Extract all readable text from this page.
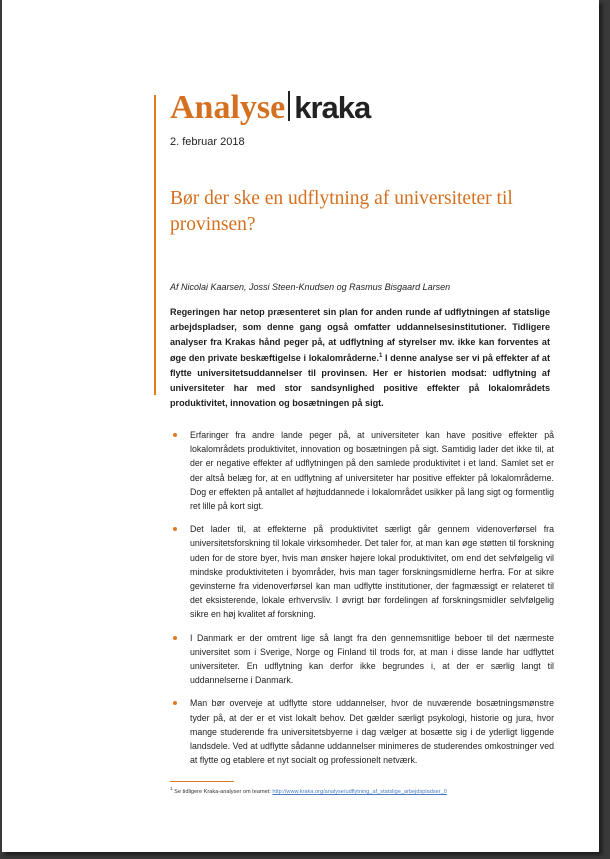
Analyse kraka
2. februar 2018
Bør der ske en udflytning af universiteter til provinsen?
Af Nicolai Kaarsen, Jossi Steen-Knudsen og Rasmus Bisgaard Larsen

Regeringen har netop præsenteret sin plan for anden runde af udflytningen af statslige arbejdspladser, som denne gang også omfatter uddannelsesinstitutioner. Tidligere analyser fra Krakas hånd peger på, at udflytning af styrelser mv. ikke kan forventes at øge den private beskæftigelse i lokalområderne.$^1$ I denne analyse ser vi på effekter af at flytte universitetsuddannelser til provinsen. Her er historien modsat: udflytning af universiteter har med stor sandsynlighed positive effekter på lokalområdets produktivitet, innovation og bosætningen på sigt.

Erfaringer fra andre lande peger på, at universiteter kan have positive effekter på lokalområdets produktivitet, innovation og bosætningen på sigt. Samtidig lader det ikke til, at der er negative effekter af udflytningen på den samlede produktivitet i et land. Samlet set er der altså belæg for, at en udflytning af universiteter har positive effekter på lokalområderne. Dog er effekten på antallet af højtuddannede i lokalområdet usikker på lang sigt og formentlig ret lille på kort sigt.
Det lader til, at effekterne på produktivitet særligt går gennem videnoverførsel fra universitetsforskning til lokale virksomheder. Det taler for, at man kan øge støtten til forskning uden for de store byer, hvis man ønsker højere lokal produktivitet, om end det selvfølgelig vil mindske produktiviteten i byområder, hvis man tager forskningsmidlerne herfra. For at sikre gevinsterne fra videnoverførsel kan man udflytte institutioner, der fagmæssigt er relateret til det eksisterende, lokale erhvervsliv. I øvrigt bør fordelingen af forskningsmidler selvfølgelig sikre en høj kvalitet af forskning.
I Danmark er der omtrent lige så langt fra den gennemsnitlige beboer til det nærmeste universitet som i Sverige, Norge og Finland til trods for, at man i disse lande har udflyttet universiteter. En udflytning kan derfor ikke begrundes i, at der er særlig langt til uddannelserne i Danmark.
Man bør overveje at udflytte store uddannelser, hvor de nuværende bosætningsmønstre tyder på, at der er et vist lokalt behov. Det gælder særligt psykologi, historie og jura, hvor mange studerende fra universitetsbyerne i dag vælger at bosætte sig i de yderligt liggende landsdele. Ved at udflytte sådanne uddannelser minimeres de studerendes omkostninger ved at flytte og etablere et nyt socialt og professionelt netværk.
$^1$ Se tidligere Kraka-analyser om teamet: http://www.kraka.org/analyse/udflytning_af_statslige_arbejdspladser_0
